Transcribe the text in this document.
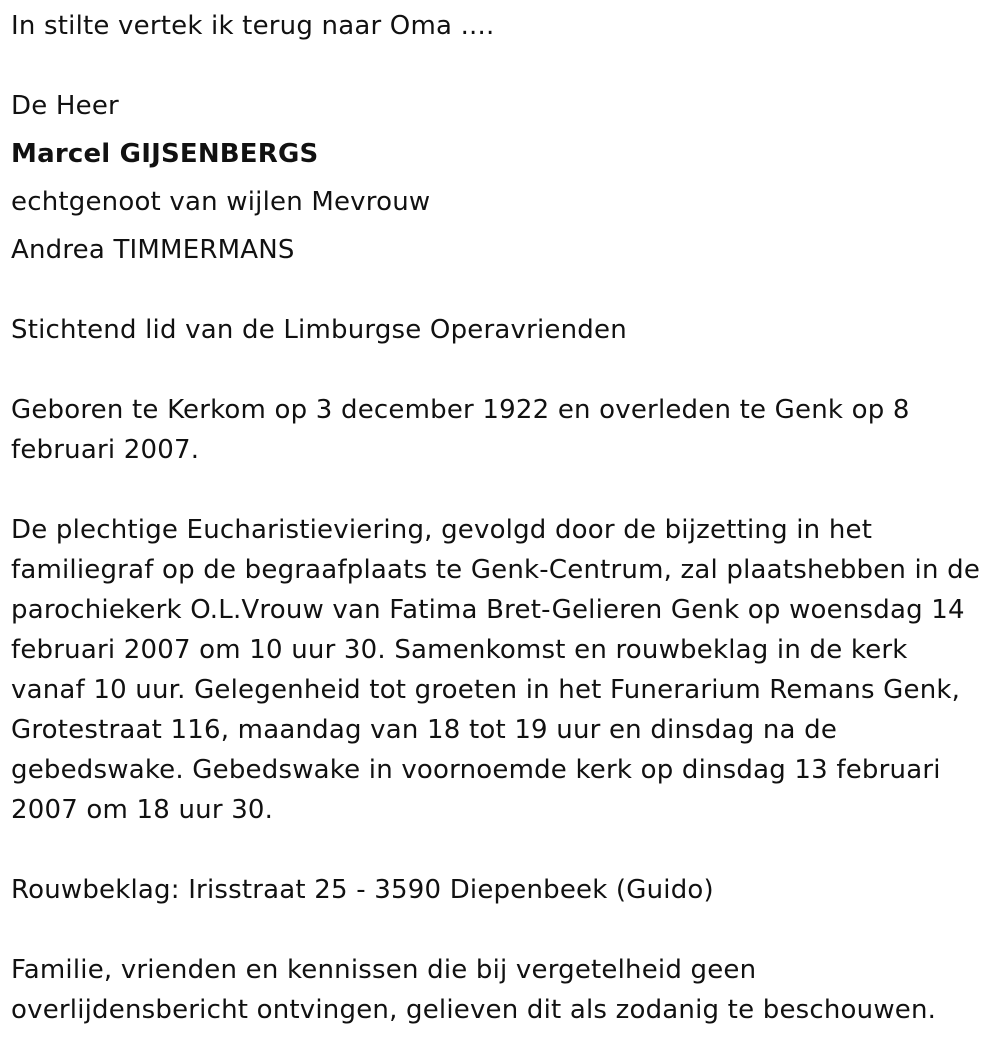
In stilte vertek ik terug naar Oma ....
De Heer
Marcel GIJSENBERGS
echtgenoot van wijlen Mevrouw
Andrea TIMMERMANS
Stichtend lid van de Limburgse Operavrienden
Geboren te Kerkom op 3 december 1922 en overleden te Genk op 8
februari 2007.
De plechtige Eucharistieviering, gevolgd door de bijzetting in het
familiegraf op de begraafplaats te Genk-Centrum, zal plaatshebben in de
parochiekerk O.L.Vrouw van Fatima Bret-Gelieren Genk op woensdag 14
februari 2007 om 10 uur 30. Samenkomst en rouwbeklag in de kerk
vanaf 10 uur. Gelegenheid tot groeten in het Funerarium Remans Genk,
Grotestraat 116, maandag van 18 tot 19 uur en dinsdag na de
gebedswake. Gebedswake in voornoemde kerk op dinsdag 13 februari
2007 om 18 uur 30.
Rouwbeklag: Irisstraat 25 - 3590 Diepenbeek (Guido)
Familie, vrienden en kennissen die bij vergetelheid geen
overlijdensbericht ontvingen, gelieven dit als zodanig te beschouwen.
